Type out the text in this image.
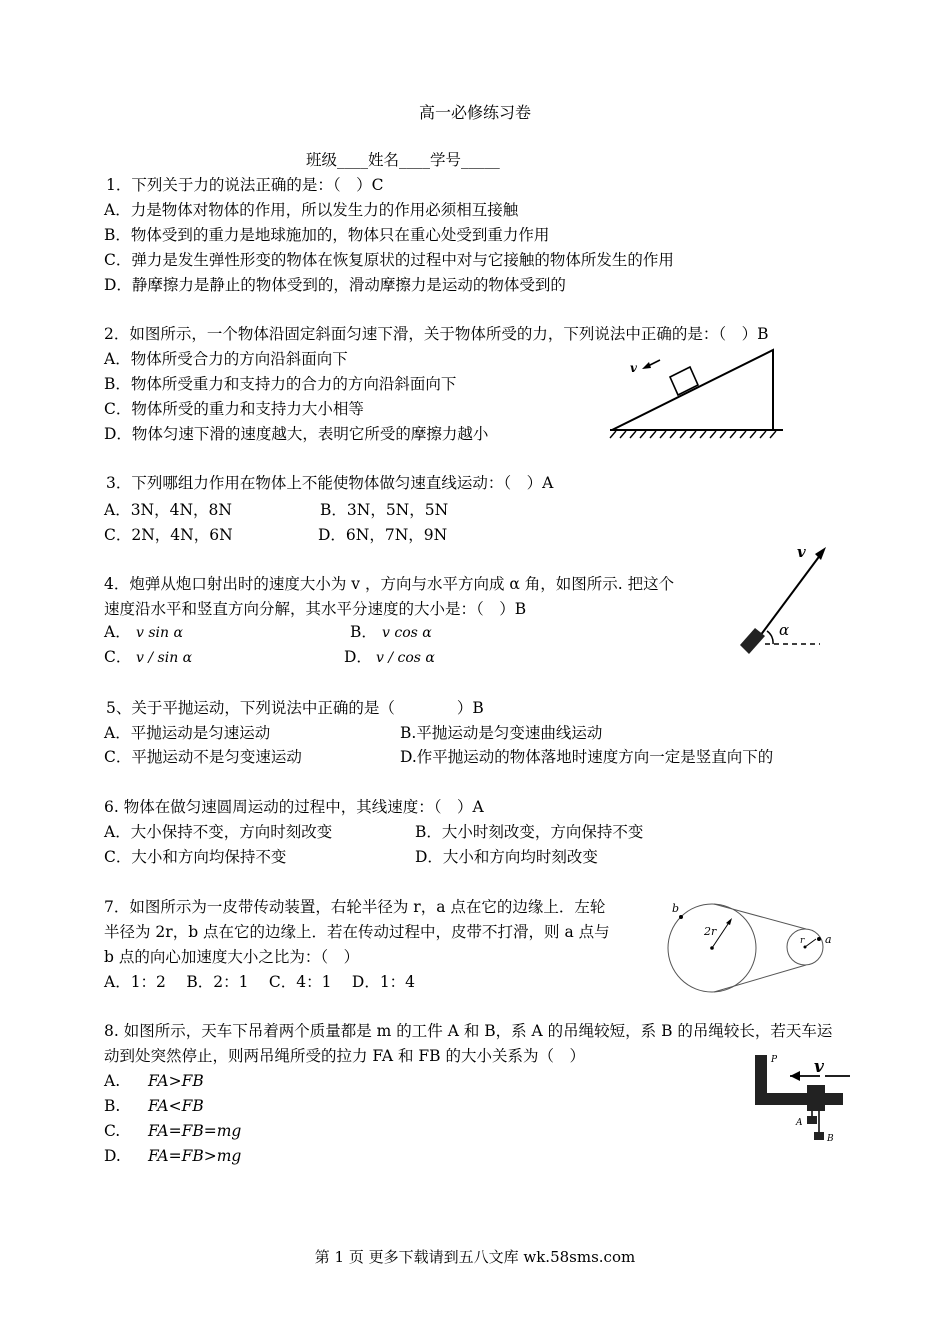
高一必修练习卷
班级____姓名____学号_____
1．下列关于力的说法正确的是：（　）C
A．力是物体对物体的作用，所以发生力的作用必须相互接触
B．物体受到的重力是地球施加的，物体只在重心处受到重力作用
C．弹力是发生弹性形变的物体在恢复原状的过程中对与它接触的物体所发生的作用
D．静摩擦力是静止的物体受到的，滑动摩擦力是运动的物体受到的
2．如图所示，一个物体沿固定斜面匀速下滑，关于物体所受的力，下列说法中正确的是：（　）B
A．物体所受合力的方向沿斜面向下
B．物体所受重力和支持力的合力的方向沿斜面向下
C．物体所受的重力和支持力大小相等
D．物体匀速下滑的速度越大，表明它所受的摩擦力越小
v
3．下列哪组力作用在物体上不能使物体做匀速直线运动：（　）A
A．3N，4N，8N	B．3N，5N，5N
C．2N，4N，6N	D．6N，7N，9N
4．炮弹从炮口射出时的速度大小为 v ，方向与水平方向成 α 角，如图所示. 把这个
速度沿水平和竖直方向分解，其水平分速度的大小是：（　）B
A． v sin α	B． v cos α
C． v / sin α	D． v / cos α
v
α
5、关于平抛运动，下列说法中正确的是（　　　　）B
A．平抛运动是匀速运动	B.平抛运动是匀变速曲线运动
C．平抛运动不是匀变速运动	D.作平抛运动的物体落地时速度方向一定是竖直向下的
6. 物体在做匀速圆周运动的过程中，其线速度：（　）A
A．大小保持不变，方向时刻改变	B．大小时刻改变，方向保持不变
C．大小和方向均保持不变	D．大小和方向均时刻改变
7．如图所示为一皮带传动装置，右轮半径为 r，a 点在它的边缘上．左轮
半径为 2r，b 点在它的边缘上．若在传动过程中，皮带不打滑，则 a 点与
b 点的向心加速度大小之比为：（　）
A．1：2　 B．2：1　 C．4：1　 D．1：4
b
2r
r a
8. 如图所示，天车下吊着两个质量都是 m 的工件 A 和 B，系 A 的吊绳较短，系 B 的吊绳较长，若天车运
动到处突然停止，则两吊绳所受的拉力 FA 和 FB 的大小关系为（　）
A. FA>FB
B. FA<FB
C. FA=FB=mg
D. FA=FB>mg
P v
A
B
第 1 页 更多下载请到五八文库 wk.58sms.com
